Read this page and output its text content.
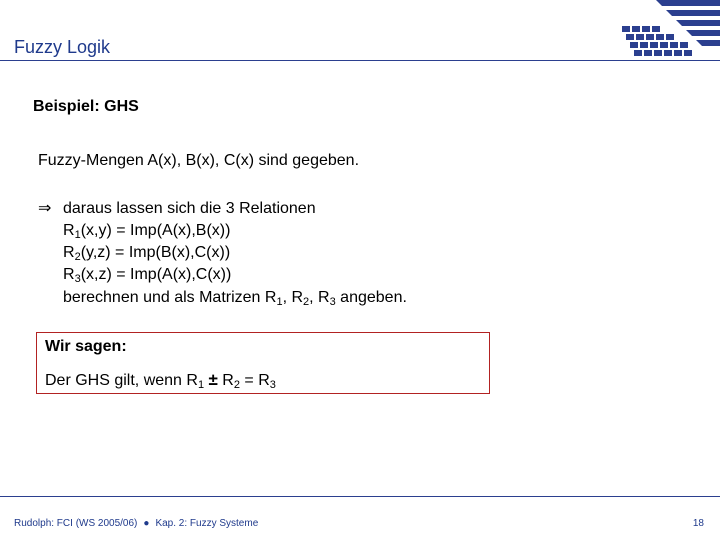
Fuzzy Logik
Beispiel: GHS
Fuzzy-Mengen A(x), B(x), C(x) sind gegeben.
⇒ daraus lassen sich die 3 Relationen
$R_1(x,y) = Imp(A(x),B(x))$
$R_2(y,z) = Imp(B(x),C(x))$
$R_3(x,z) = Imp(A(x),C(x))$
berechnen und als Matrizen $R_1$, $R_2$, $R_3$ angeben.
Wir sagen:
Der GHS gilt, wenn $R_1 \pm R_2 = R_3$
Rudolph: FCI (WS 2005/06) ● Kap. 2: Fuzzy Systeme	18
